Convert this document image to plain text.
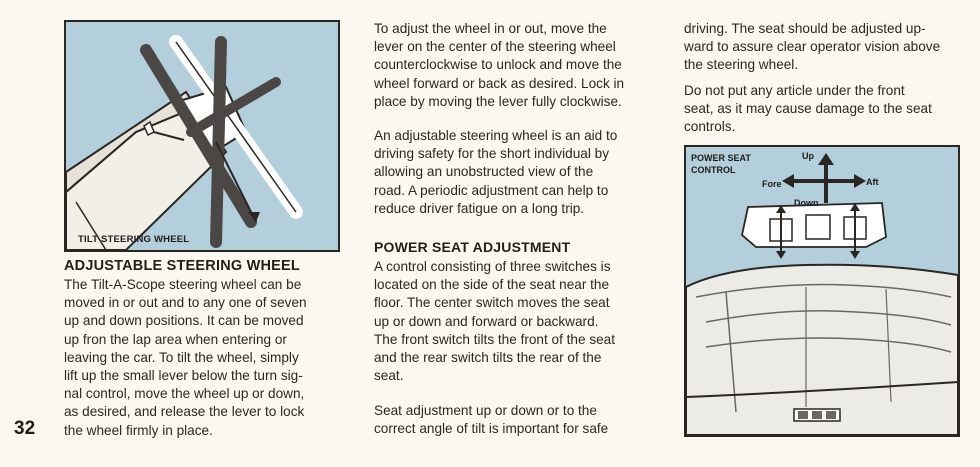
TILT STEERING WHEEL
ADJUSTABLE STEERING WHEEL
The Tilt-A-Scope steering wheel can be
moved in or out and to any one of seven
up and down positions. It can be moved
up fron the lap area when entering or
leaving the car. To tilt the wheel, simply
lift up the small lever below the turn sig-
nal control, move the wheel up or down,
as desired, and release the lever to lock
the wheel firmly in place.
32
To adjust the wheel in or out, move the
lever on the center of the steering wheel
counterclockwise to unlock and move the
wheel forward or back as desired. Lock in
place by moving the lever fully clockwise.
An adjustable steering wheel is an aid to
driving safety for the short individual by
allowing an unobstructed view of the
road. A periodic adjustment can help to
reduce driver fatigue on a long trip.
POWER SEAT ADJUSTMENT
A control consisting of three switches is
located on the side of the seat near the
floor. The center switch moves the seat
up or down and forward or backward.
The front switch tilts the front of the seat
and the rear switch tilts the rear of the
seat.
Seat adjustment up or down or to the
correct angle of tilt is important for safe
driving. The seat should be adjusted up-
ward to assure clear operator vision above
the steering wheel.
Do not put any article under the front
seat, as it may cause damage to the seat
controls.
POWER SEAT
CONTROL
Up
Fore	Aft
Down
